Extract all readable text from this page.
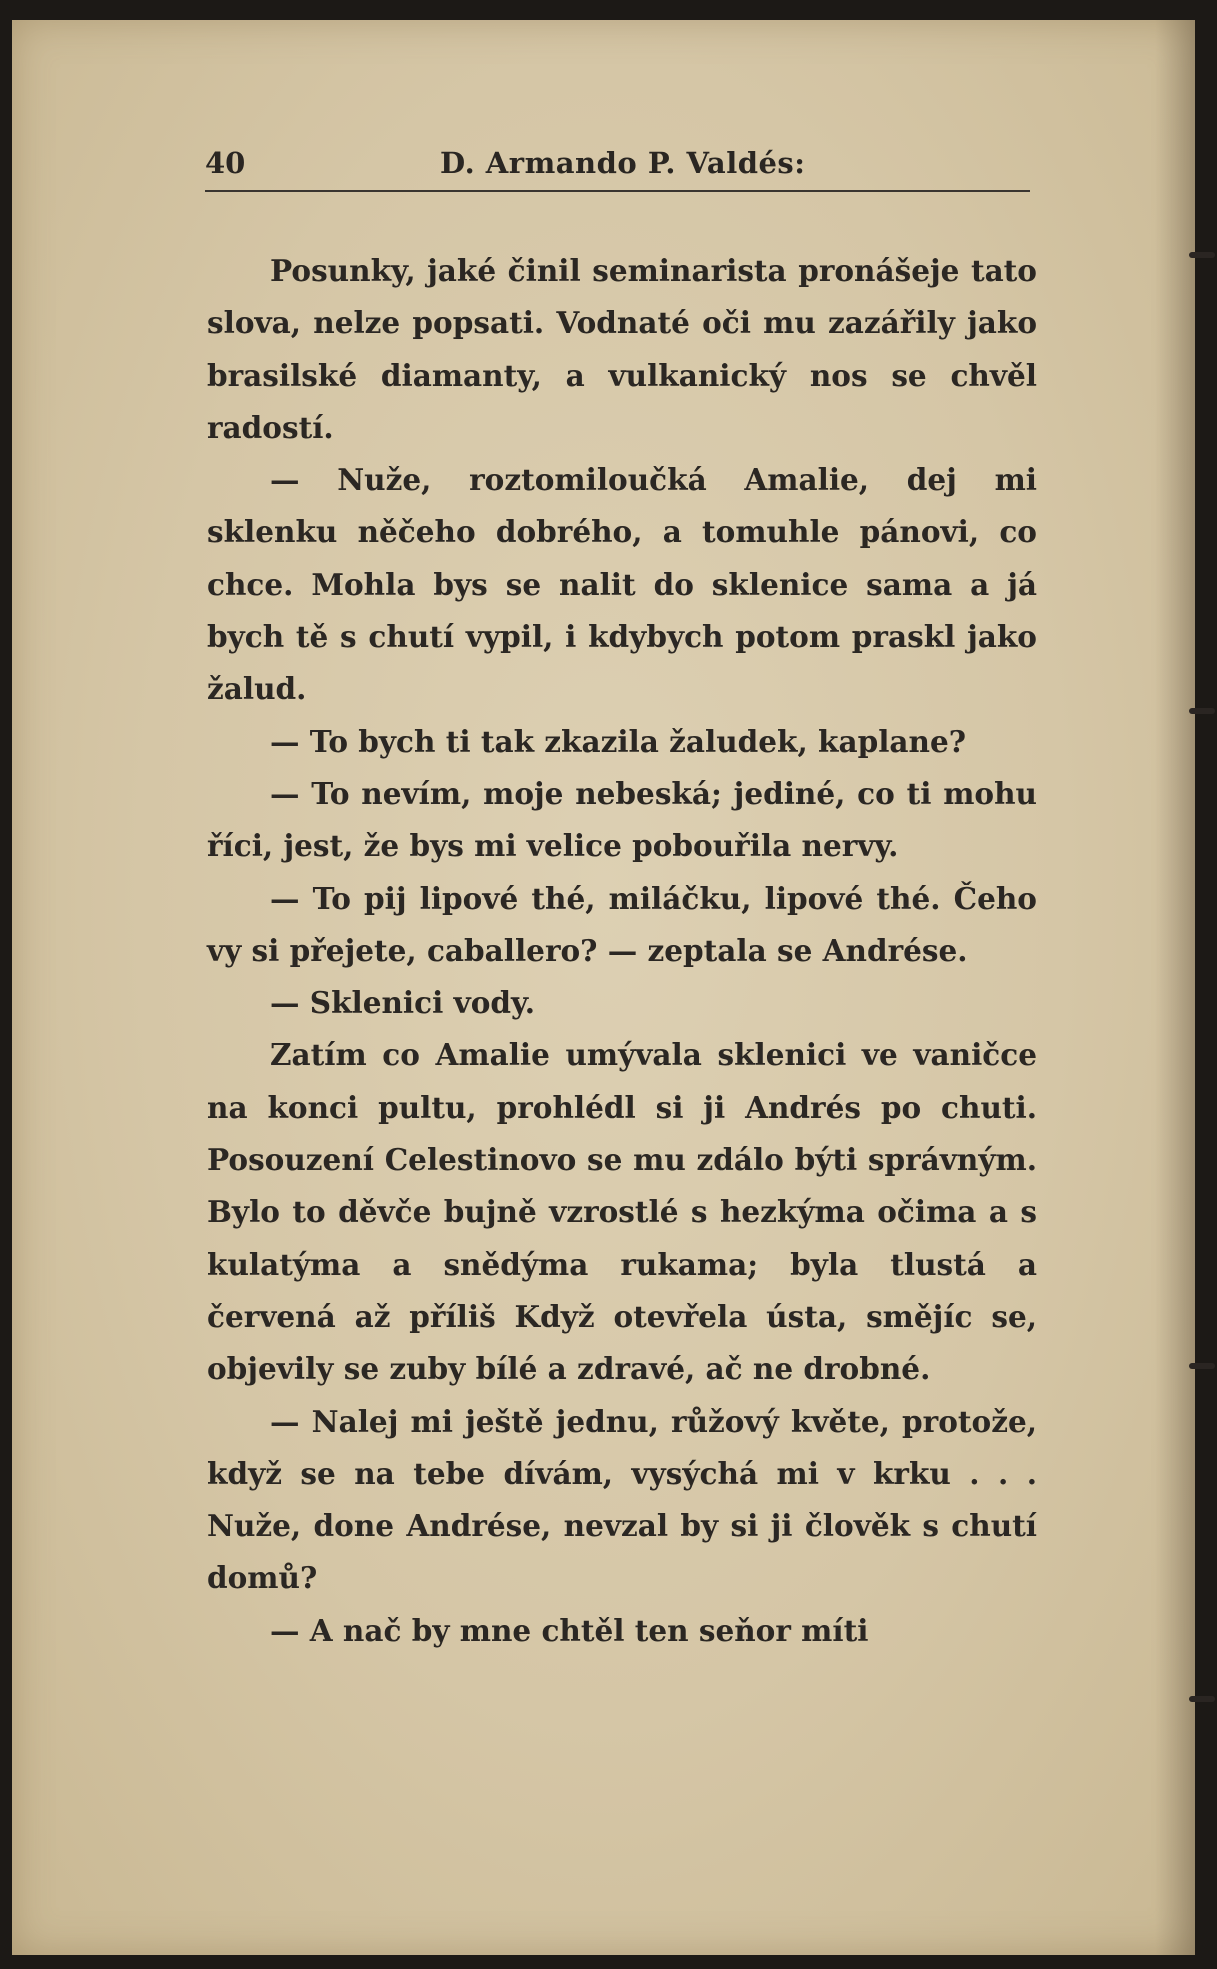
40	D. Armando P. Valdés:

Posunky, jaké činil seminarista pronášeje tato slova, nelze popsati. Vodnaté oči mu zazářily jako brasilské diamanty, a vulkanický nos se chvěl radostí.

— Nuže, roztomiloučká Amalie, dej mi sklenku něčeho dobrého, a tomuhle pánovi, co chce. Mohla bys se nalit do sklenice sama a já bych tě s chutí vypil, i kdybych potom praskl jako žalud.

— To bych ti tak zkazila žaludek, kaplane?

— To nevím, moje nebeská; jediné, co ti mohu říci, jest, že bys mi velice pobouřila nervy.

— To pij lipové thé, miláčku, lipové thé. Čeho vy si přejete, caballero? — zeptala se Andrése.

— Sklenici vody.

Zatím co Amalie umývala sklenici ve vaničce na konci pultu, prohlédl si ji Andrés po chuti. Posouzení Celestinovo se mu zdálo býti správným. Bylo to děvče bujně vzrostlé s hezkýma očima a s kulatýma a snědýma rukama; byla tlustá a červená až příliš Když otevřela ústa, smějíc se, objevily se zuby bílé a zdravé, ač ne drobné.

— Nalej mi ještě jednu, růžový květe, protože, když se na tebe dívám, vysýchá mi v krku . . . Nuže, done Andrése, nevzal by si ji člověk s chutí domů?

— A nač by mne chtěl ten seňor míti
